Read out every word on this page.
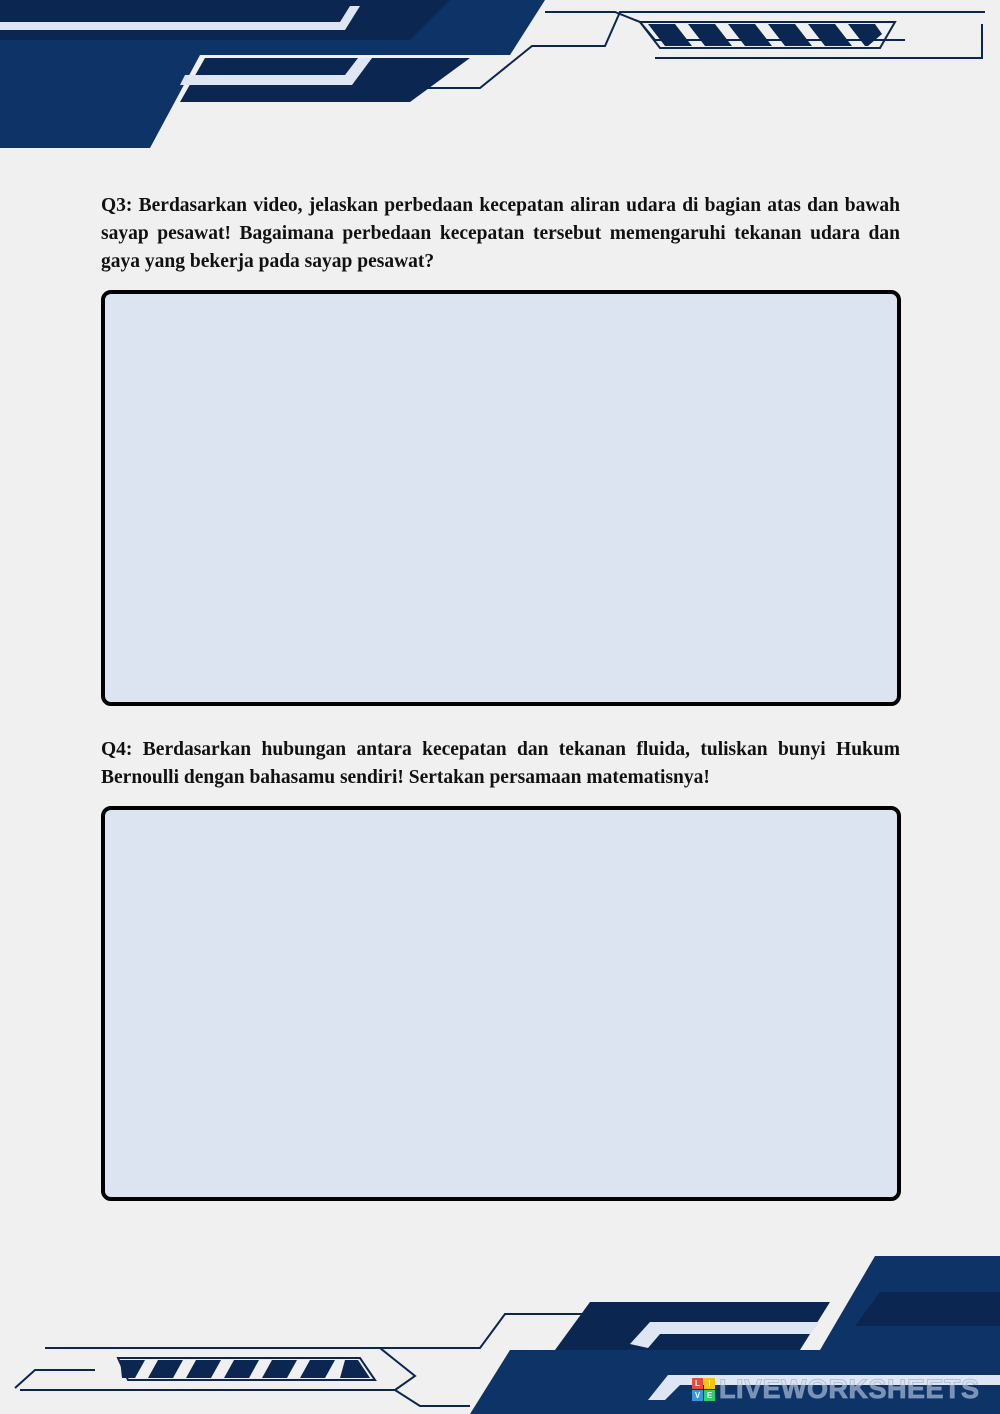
Q3: Berdasarkan video, jelaskan perbedaan kecepatan aliran udara di bagian atas dan bawah sayap pesawat! Bagaimana perbedaan kecepatan tersebut memengaruhi tekanan udara dan gaya yang bekerja pada sayap pesawat?

Q4: Berdasarkan hubungan antara kecepatan dan tekanan fluida, tuliskan bunyi Hukum Bernoulli dengan bahasamu sendiri! Sertakan persamaan matematisnya!

L	I
V E LIVEWORKSHEETS
